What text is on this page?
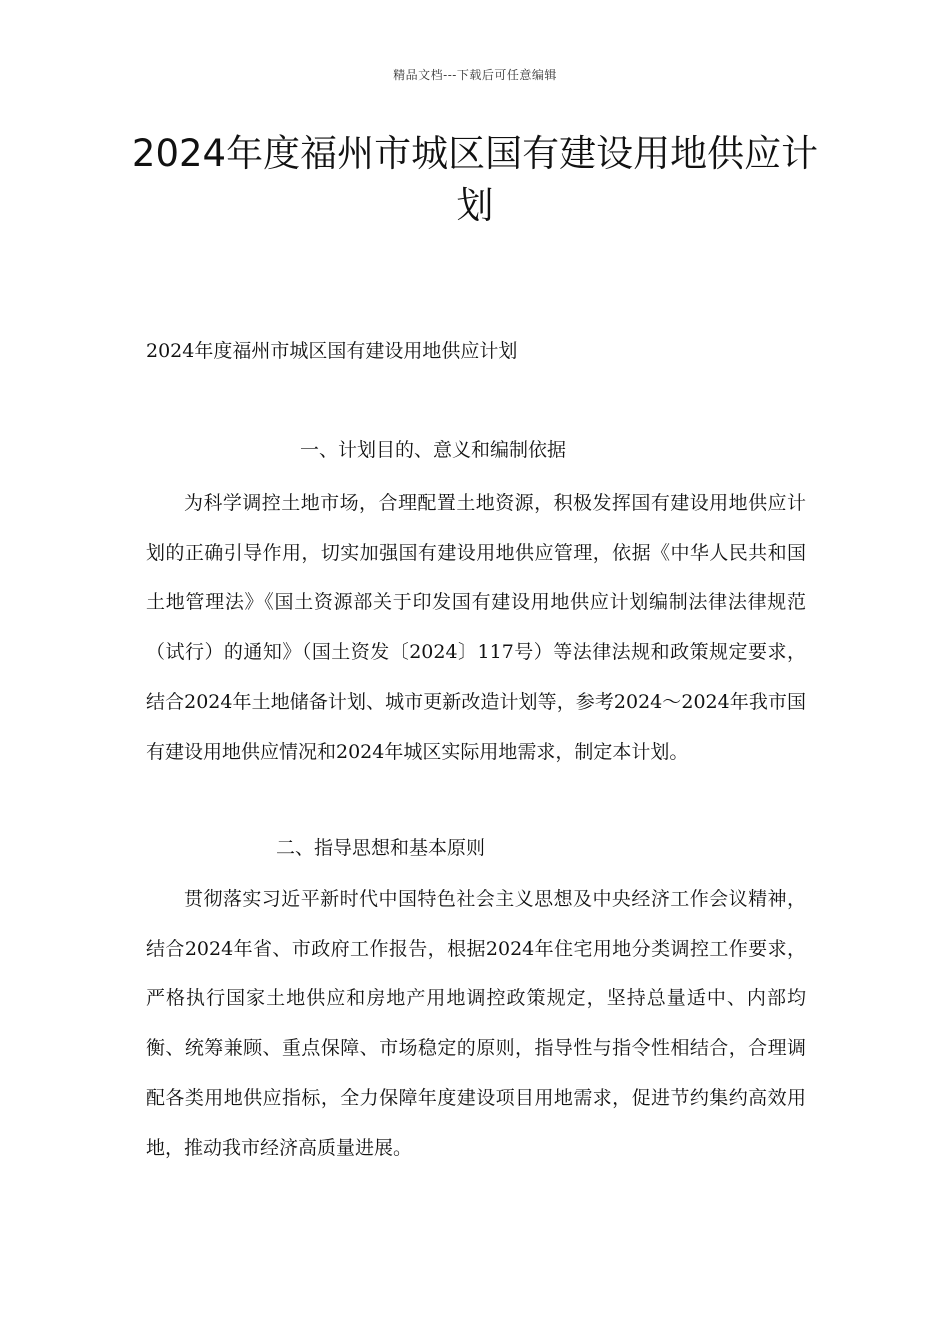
精品文档---下载后可任意编辑
2024年度福州市城区国有建设用地供应计划
2024年度福州市城区国有建设用地供应计划
一、计划目的、意义和编制依据

为科学调控土地市场，合理配置土地资源，积极发挥国有建设用地供应计划的正确引导作用，切实加强国有建设用地供应管理，依据《中华人民共和国土地管理法》《国土资源部关于印发国有建设用地供应计划编制法律法律规范（试行）的通知》（国土资发〔2024〕117号）等法律法规和政策规定要求，结合2024年土地储备计划、城市更新改造计划等，参考2024～2024年我市国有建设用地供应情况和2024年城区实际用地需求，制定本计划。

二、指导思想和基本原则

贯彻落实习近平新时代中国特色社会主义思想及中央经济工作会议精神，结合2024年省、市政府工作报告，根据2024年住宅用地分类调控工作要求，严格执行国家土地供应和房地产用地调控政策规定，坚持总量适中、内部均衡、统筹兼顾、重点保障、市场稳定的原则，指导性与指令性相结合，合理调配各类用地供应指标，全力保障年度建设项目用地需求，促进节约集约高效用地，推动我市经济高质量进展。
